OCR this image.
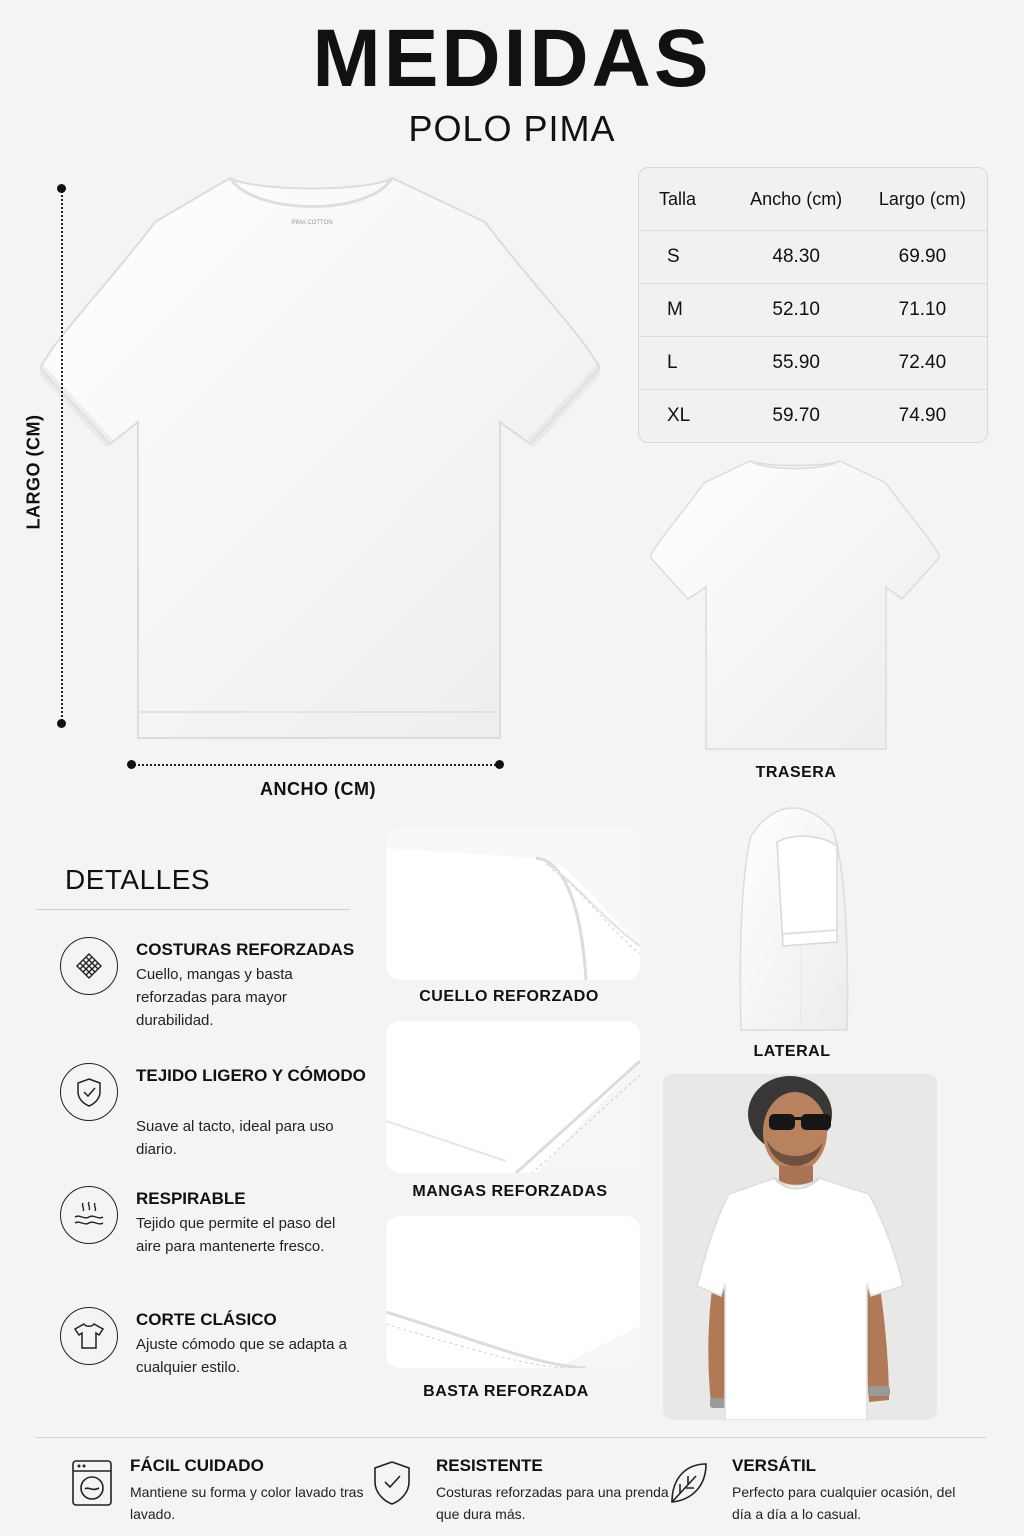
MEDIDAS
POLO PIMA
PIMA COTTON
LARGO (CM)
ANCHO (CM)
Talla	Ancho (cm)	Largo (cm)
S	48.30	69.90
M	52.10	71.10
L	55.90	72.40
XL	59.70	74.90
TRASERA
DETALLES
COSTURAS REFORZADAS
Cuello, mangas y basta reforzadas para mayor durabilidad.
TEJIDO LIGERO Y CÓMODO
Suave al tacto, ideal para uso diario.
RESPIRABLE
Tejido que permite el paso del aire para mantenerte fresco.
CORTE CLÁSICO
Ajuste cómodo que se adapta a cualquier estilo.
CUELLO REFORZADO
MANGAS REFORZADAS
BASTA REFORZADA
LATERAL
FÁCIL CUIDADO
Mantiene su forma y color lavado tras lavado.
RESISTENTE
Costuras reforzadas para una prenda que dura más.
VERSÁTIL
Perfecto para cualquier ocasión, del día a día a lo casual.
